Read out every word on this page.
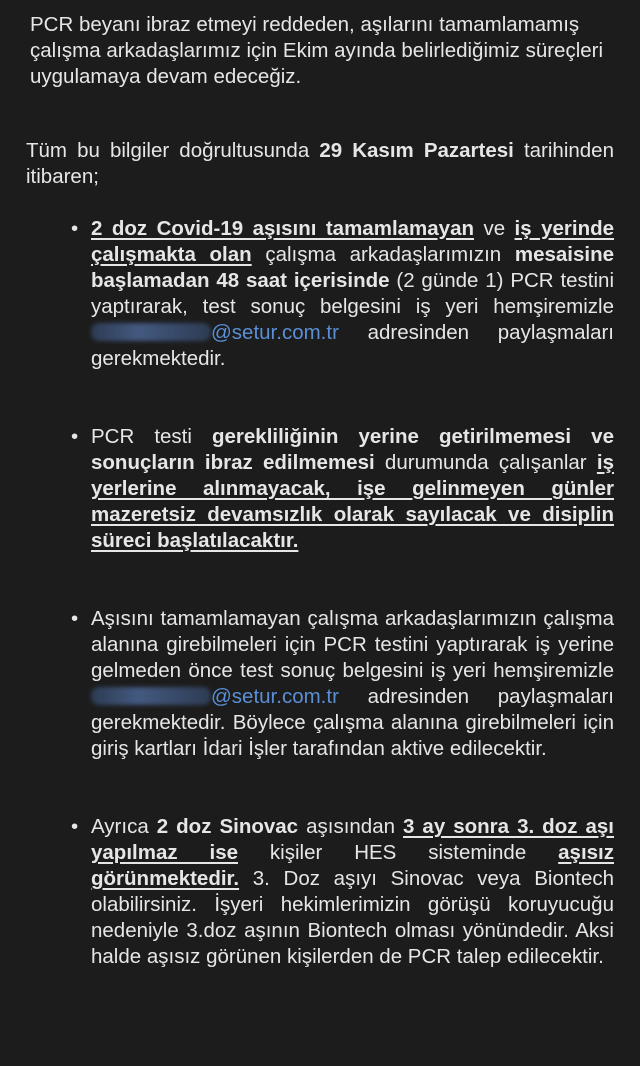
PCR beyanı ibraz etmeyi reddeden, aşılarını tamamlamamış çalışma arkadaşlarımız için Ekim ayında belirlediğimiz süreçleri uygulamaya devam edeceğiz.

Tüm bu bilgiler doğrultusunda 29 Kasım Pazartesi tarihinden itibaren;

• 2 doz Covid-19 aşısını tamamlamayan ve iş yerinde çalışmakta olan çalışma arkadaşlarımızın mesaisine başlamadan 48 saat içerisinde (2 günde 1) PCR testini yaptırarak, test sonuç belgesini iş yeri hemşiremizle @setur.com.tr adresinden paylaşmaları gerekmektedir.
• PCR testi gerekliliğinin yerine getirilmemesi ve sonuçların ibraz edilmemesi durumunda çalışanlar iş yerlerine alınmayacak, işe gelinmeyen günler mazeretsiz devamsızlık olarak sayılacak ve disiplin süreci başlatılacaktır.
• Aşısını tamamlamayan çalışma arkadaşlarımızın çalışma alanına girebilmeleri için PCR testini yaptırarak iş yerine gelmeden önce test sonuç belgesini iş yeri hemşiremizle @setur.com.tr adresinden paylaşmaları gerekmektedir. Böylece çalışma alanına girebilmeleri için giriş kartları İdari İşler tarafından aktive edilecektir.
• Ayrıca 2 doz Sinovac aşısından 3 ay sonra 3. doz aşı yapılmaz ise kişiler HES sisteminde aşısız görünmektedir. 3. Doz aşıyı Sinovac veya Biontech olabilirsiniz. İşyeri hekimlerimizin görüşü koruyucuğu nedeniyle 3.doz aşının Biontech olması yönündedir. Aksi halde aşısız görünen kişilerden de PCR talep edilecektir.
